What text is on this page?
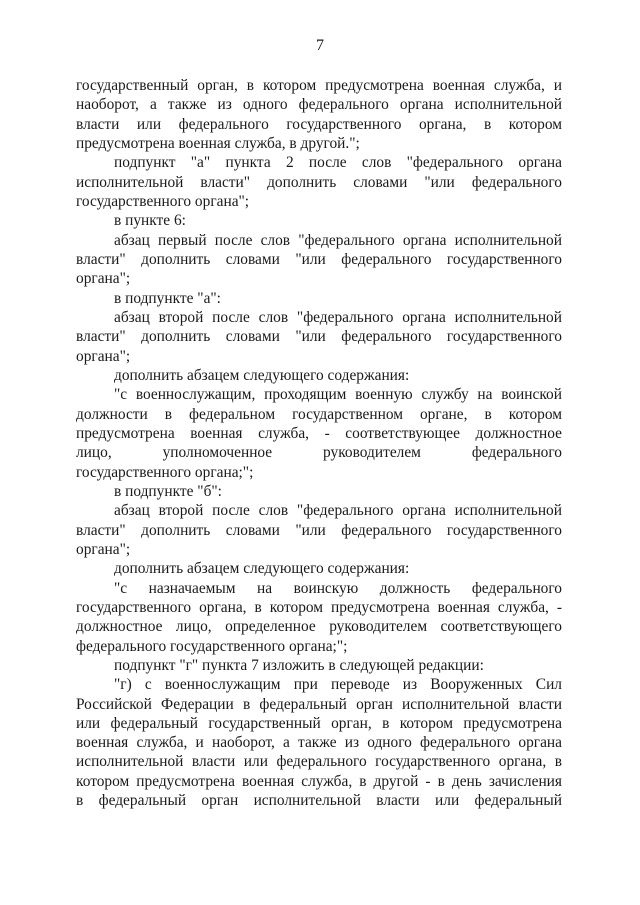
7
государственный орган, в котором предусмотрена военная служба, и
наоборот, а также из одного федерального органа исполнительной
власти или федерального государственного органа, в котором
предусмотрена военная служба, в другой.";
подпункт "а" пункта 2 после слов "федерального органа
исполнительной власти" дополнить словами "или федерального
государственного органа";
в пункте 6:
абзац первый после слов "федерального органа исполнительной
власти" дополнить словами "или федерального государственного
органа";
в подпункте "а":
абзац второй после слов "федерального органа исполнительной
власти" дополнить словами "или федерального государственного
органа";
дополнить абзацем следующего содержания:
"с военнослужащим, проходящим военную службу на воинской
должности в федеральном государственном органе, в котором
предусмотрена военная служба, - соответствующее должностное
лицо, уполномоченное руководителем федерального
государственного органа;";
в подпункте "б":
абзац второй после слов "федерального органа исполнительной
власти" дополнить словами "или федерального государственного
органа";
дополнить абзацем следующего содержания:
"с назначаемым на воинскую должность федерального
государственного органа, в котором предусмотрена военная служба, -
должностное лицо, определенное руководителем соответствующего
федерального государственного органа;";
подпункт "г" пункта 7 изложить в следующей редакции:
"г) с военнослужащим при переводе из Вооруженных Сил
Российской Федерации в федеральный орган исполнительной власти
или федеральный государственный орган, в котором предусмотрена
военная служба, и наоборот, а также из одного федерального органа
исполнительной власти или федерального государственного органа, в
котором предусмотрена военная служба, в другой - в день зачисления
в федеральный орган исполнительной власти или федеральный
